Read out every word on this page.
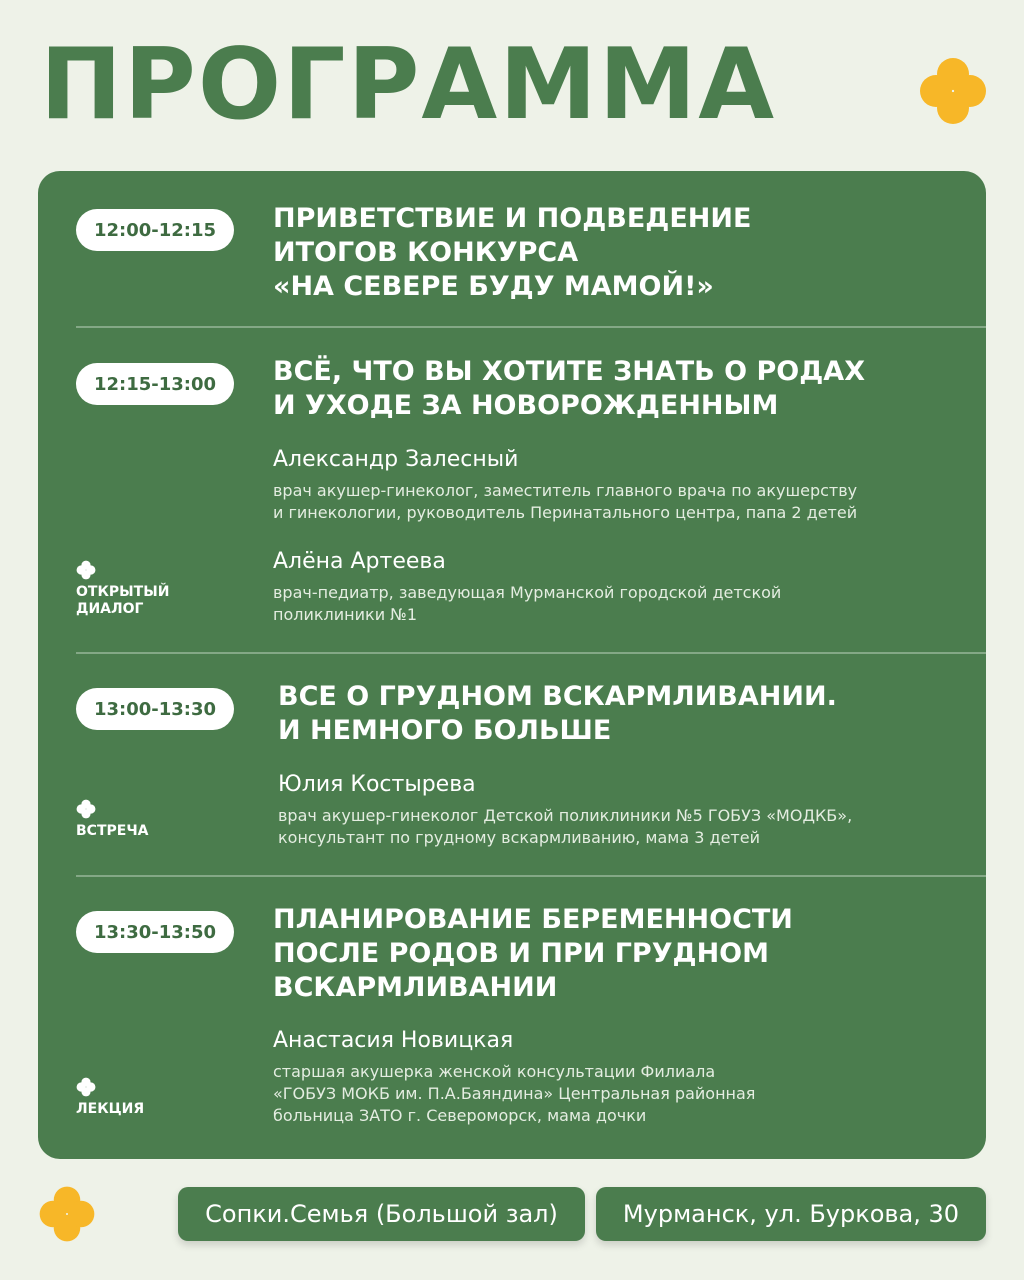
ПРОГРАММА
12:00-12:15	ПРИВЕТСТВИЕ И ПОДВЕДЕНИЕ
ИТОГОВ КОНКУРСА
«НА СЕВЕРЕ БУДУ МАМОЙ!»
12:15-13:00	ВСЁ, ЧТО ВЫ ХОТИТЕ ЗНАТЬ О РОДАХ
И УХОДЕ ЗА НОВОРОЖДЕННЫМ
Александр Залесный
врач акушер-гинеколог, заместитель главного врача по акушерству
и гинекологии, руководитель Перинатального центра, папа 2 детей
Алёна Артеева
врач-педиатр, заведующая Мурманской городской детской
поликлиники №1
ОТКРЫТЫЙ ДИАЛОГ
13:00-13:30	ВСЕ О ГРУДНОМ ВСКАРМЛИВАНИИ.
И НЕМНОГО БОЛЬШЕ
Юлия Костырева
врач акушер-гинеколог Детской поликлиники №5 ГОБУЗ «МОДКБ»,
консультант по грудному вскармливанию, мама 3 детей
ВСТРЕЧА
13:30-13:50	ПЛАНИРОВАНИЕ БЕРЕМЕННОСТИ
ПОСЛЕ РОДОВ И ПРИ ГРУДНОМ
ВСКАРМЛИВАНИИ
Анастасия Новицкая
старшая акушерка женской консультации Филиала
«ГОБУЗ МОКБ им. П.А.Баяндина» Центральная районная
больница ЗАТО г. Североморск, мама дочки
ЛЕКЦИЯ
Сопки.Семья (Большой зал)	Мурманск, ул. Буркова, 30
